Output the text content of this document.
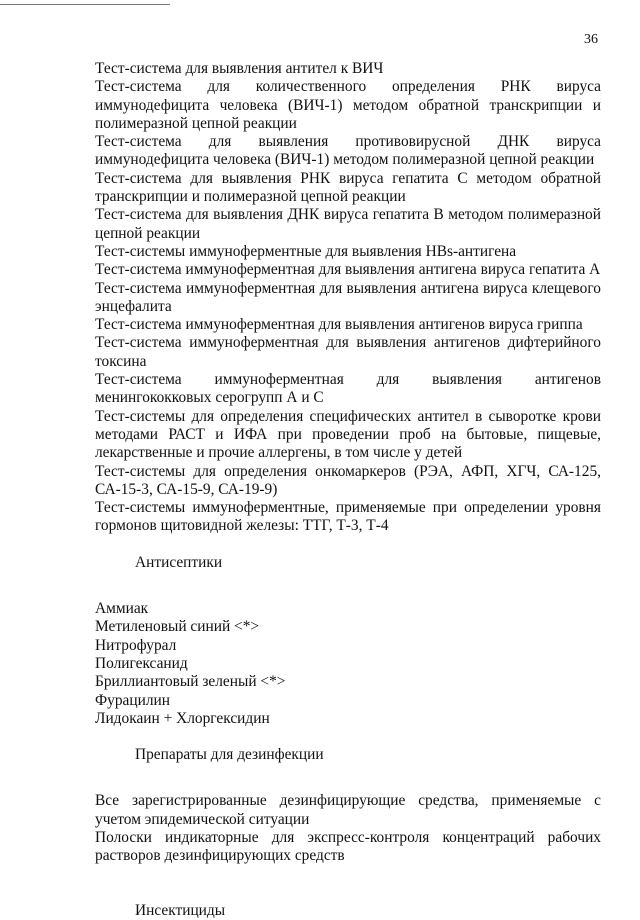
36

Тест-система для выявления антител к ВИЧ

Тест-система для количественного определения РНК вируса иммунодефицита человека (ВИЧ-1) методом обратной транскрипции и полимеразной цепной реакции

Тест-система для выявления противовирусной ДНК вируса иммунодефицита человека (ВИЧ-1) методом полимеразной цепной реакции

Тест-система для выявления РНК вируса гепатита С методом обратной транскрипции и полимеразной цепной реакции

Тест-система для выявления ДНК вируса гепатита В методом полимеразной цепной реакции

Тест-системы иммуноферментные для выявления HBs-антигена

Тест-система иммуноферментная для выявления антигена вируса гепатита А

Тест-система иммуноферментная для выявления антигена вируса клещевого энцефалита

Тест-система иммуноферментная для выявления антигенов вируса гриппа

Тест-система иммуноферментная для выявления антигенов дифтерийного токсина

Тест-система иммуноферментная для выявления антигенов менингококковых серогрупп А и С

Тест-системы для определения специфических антител в сыворотке крови методами РАСТ и ИФА при проведении проб на бытовые, пищевые, лекарственные и прочие аллергены, в том числе у детей

Тест-системы для определения онкомаркеров (РЭА, АФП, ХГЧ, СА-125, СА-15-3, СА-15-9, СА-19-9)

Тест-системы иммуноферментные, применяемые при определении уровня гормонов щитовидной железы: ТТГ, Т-3, Т-4

Антисептики

Аммиак

Метиленовый синий <*>

Нитрофурал

Полигексанид

Бриллиантовый зеленый <*>

Фурацилин

Лидокаин + Хлоргексидин

Препараты для дезинфекции

Все зарегистрированные дезинфицирующие средства, применяемые с учетом эпидемической ситуации

Полоски индикаторные для экспресс-контроля концентраций рабочих растворов дезинфицирующих средств

Инсектициды
